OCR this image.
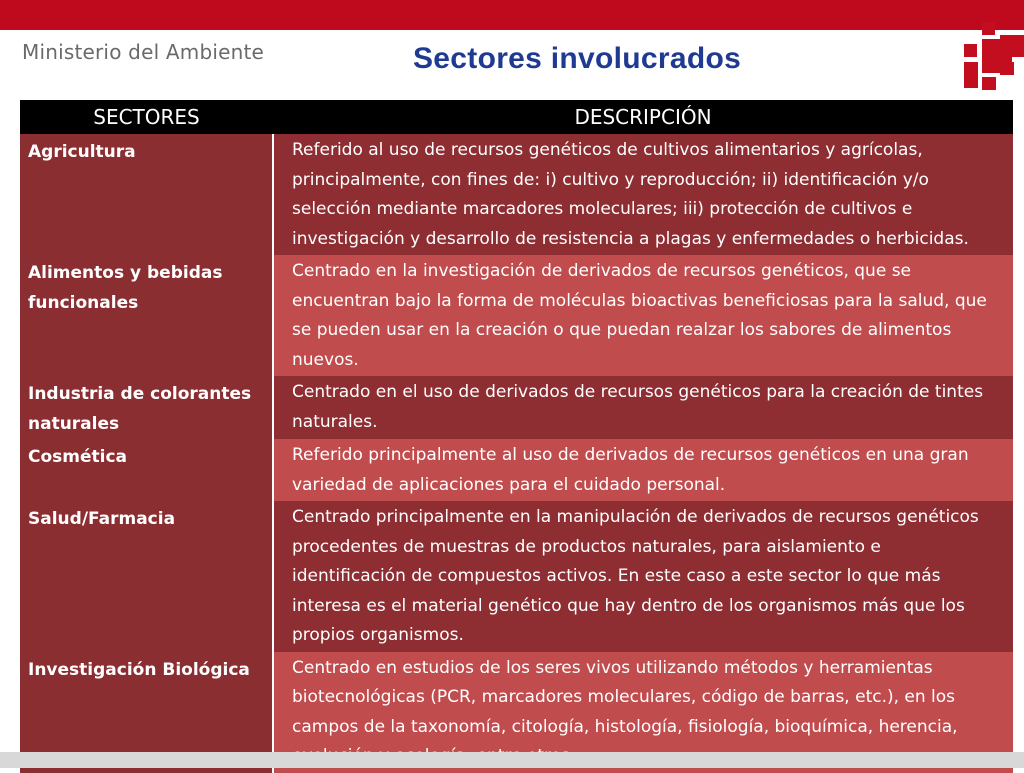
Ministerio del Ambiente	Sectores involucrados
SECTORES	DESCRIPCIÓN
Agricultura	Referido al uso de recursos genéticos de cultivos alimentarios y agrícolas, principalmente, con fines de: i) cultivo y reproducción; ii) identificación y/o selección mediante marcadores moleculares; iii) protección de cultivos e investigación y desarrollo de resistencia a plagas y enfermedades o herbicidas.
Alimentos y bebidas funcionales	Centrado en la investigación de derivados de recursos genéticos, que se encuentran bajo la forma de moléculas bioactivas beneficiosas para la salud, que se pueden usar en la creación o que puedan realzar los sabores de alimentos nuevos.
Industria de colorantes naturales	Centrado en el uso de derivados de recursos genéticos para la creación de tintes naturales.
Cosmética	Referido principalmente al uso de derivados de recursos genéticos en una gran variedad de aplicaciones para el cuidado personal.
Salud/Farmacia	Centrado principalmente en la manipulación de derivados de recursos genéticos procedentes de muestras de productos naturales, para aislamiento e identificación de compuestos activos. En este caso a este sector lo que más interesa es el material genético que hay dentro de los organismos más que los propios organismos.
Investigación Biológica	Centrado en estudios de los seres vivos utilizando métodos y herramientas biotecnológicas (PCR, marcadores moleculares, código de barras, etc.), en los campos de la taxonomía, citología, histología, fisiología, bioquímica, herencia,
